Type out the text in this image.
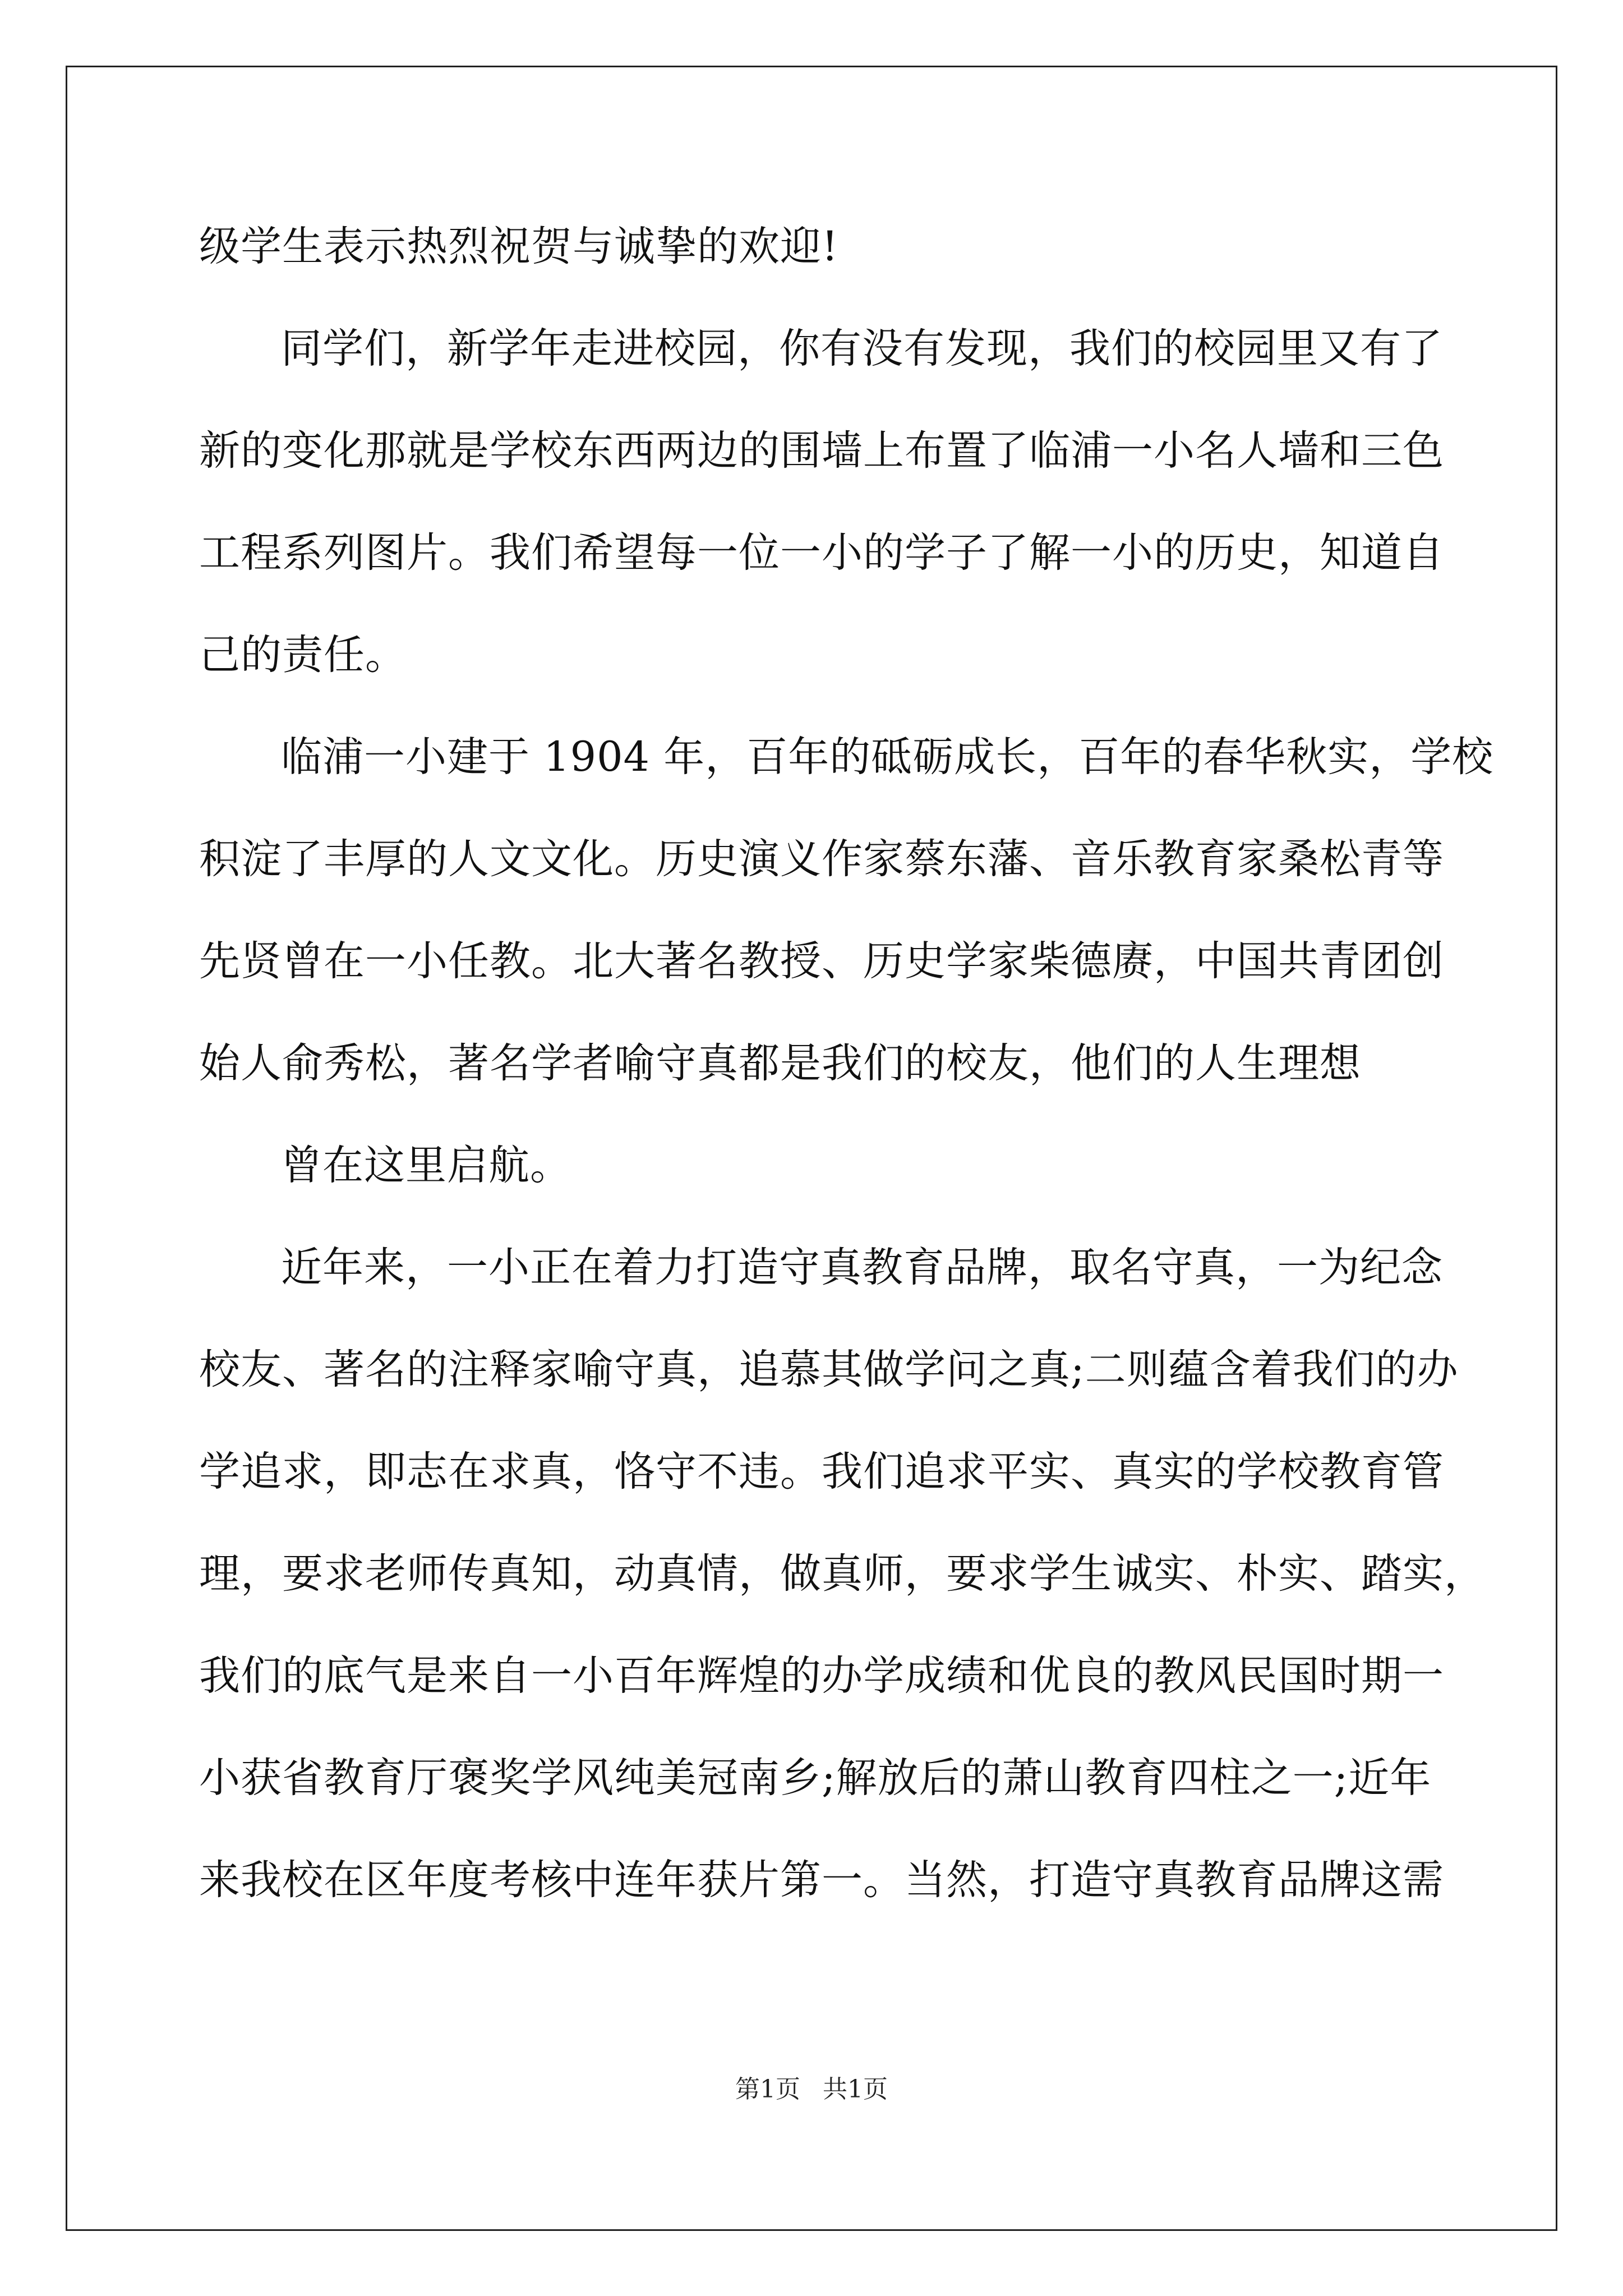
级学生表示热烈祝贺与诚挚的欢迎!
同学们，新学年走进校园，你有没有发现，我们的校园里又有了
新的变化那就是学校东西两边的围墙上布置了临浦一小名人墙和三色
工程系列图片。我们希望每一位一小的学子了解一小的历史，知道自
己的责任。
临浦一小建于 1904 年，百年的砥砺成长，百年的春华秋实，学校
积淀了丰厚的人文文化。历史演义作家蔡东藩、音乐教育家桑松青等
先贤曾在一小任教。北大著名教授、历史学家柴德赓，中国共青团创
始人俞秀松，著名学者喻守真都是我们的校友，他们的人生理想
曾在这里启航。
近年来，一小正在着力打造守真教育品牌，取名守真，一为纪念
校友、著名的注释家喻守真，追慕其做学问之真;二则蕴含着我们的办
学追求，即志在求真，恪守不违。我们追求平实、真实的学校教育管
理，要求老师传真知，动真情，做真师，要求学生诚实、朴实、踏实，
我们的底气是来自一小百年辉煌的办学成绩和优良的教风民国时期一
小获省教育厅褒奖学风纯美冠南乡;解放后的萧山教育四柱之一;近年
来我校在区年度考核中连年获片第一。当然，打造守真教育品牌这需
第1页 共1页
